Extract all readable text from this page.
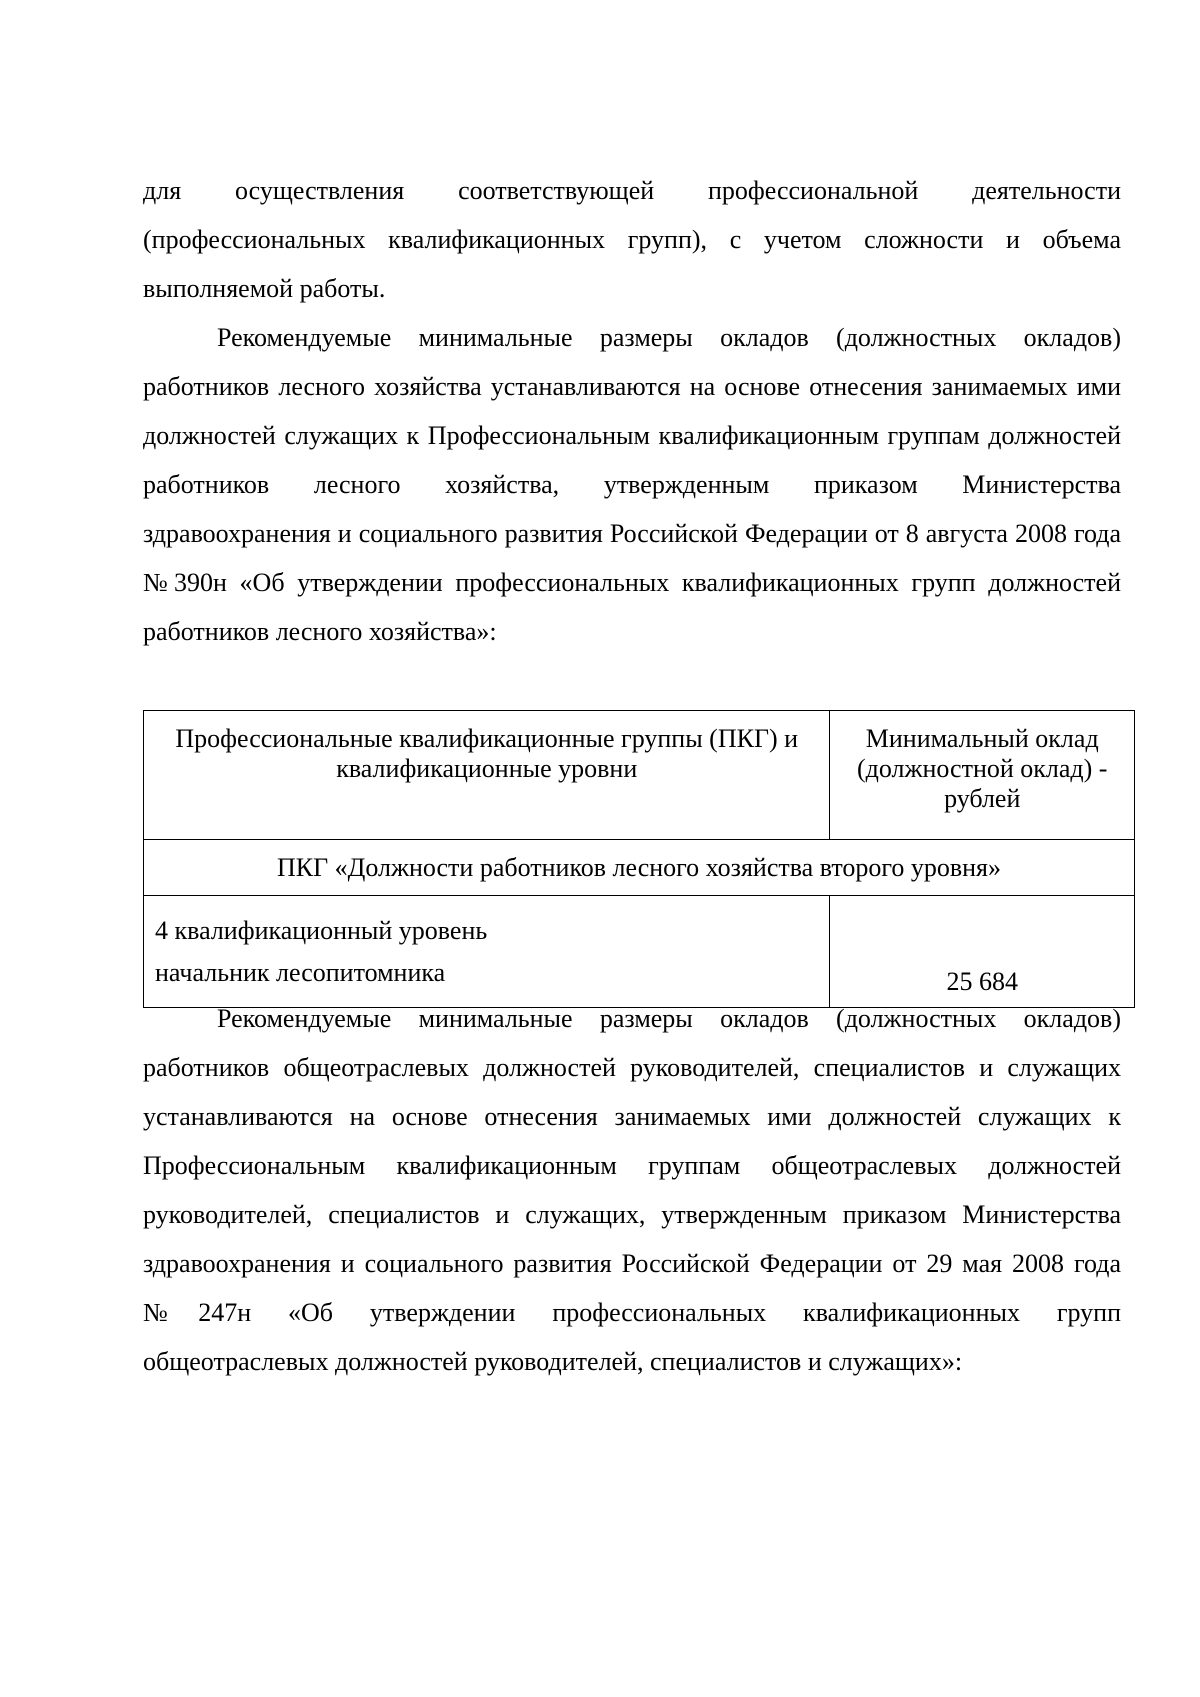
для осуществления соответствующей профессиональной деятельности (профессиональных квалификационных групп), с учетом сложности и объема выполняемой работы.

Рекомендуемые минимальные размеры окладов (должностных окладов) работников лесного хозяйства устанавливаются на основе отнесения занимаемых ими должностей служащих к Профессиональным квалификационным группам должностей работников лесного хозяйства, утвержденным приказом Министерства здравоохранения и социального развития Российской Федерации от 8 августа 2008 года №390н «Об утверждении профессиональных квалификационных групп должностей работников лесного хозяйства»:

Профессиональные квалификационные группы (ПКГ) и квалификационные уровни	Минимальный оклад (должностной оклад) - рублей

ПКГ «Должности работников лесного хозяйства второго уровня»	

4 квалификационный уровень
начальник лесопитомника	25 684

Рекомендуемые минимальные размеры окладов (должностных окладов) работников общеотраслевых должностей руководителей, специалистов и служащих устанавливаются на основе отнесения занимаемых ими должностей служащих к Профессиональным квалификационным группам общеотраслевых должностей руководителей, специалистов и служащих, утвержденным приказом Министерства здравоохранения и социального развития Российской Федерации от 29 мая 2008 года №247н «Об утверждении профессиональных квалификационных групп общеотраслевых должностей руководителей, специалистов и служащих»:
